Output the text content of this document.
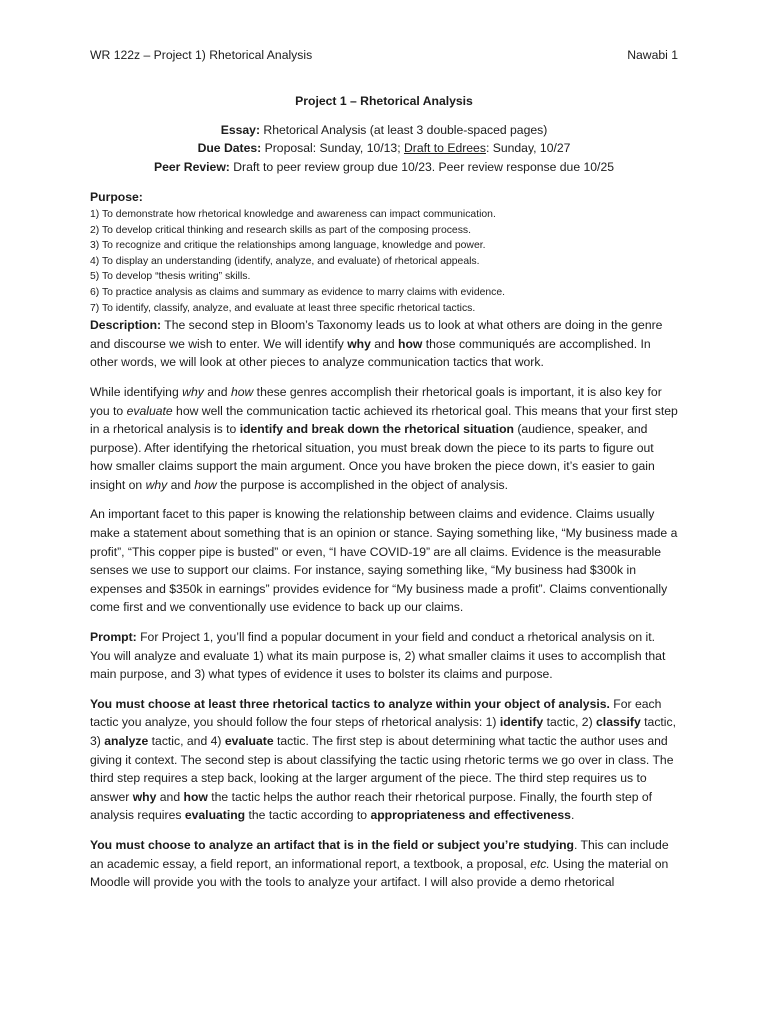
WR 122z – Project 1) Rhetorical Analysis	Nawabi 1
Project 1 – Rhetorical Analysis
Essay: Rhetorical Analysis (at least 3 double-spaced pages)
Due Dates: Proposal: Sunday, 10/13; Draft to Edrees: Sunday, 10/27
Peer Review: Draft to peer review group due 10/23. Peer review response due 10/25
Purpose:
1) To demonstrate how rhetorical knowledge and awareness can impact communication.
2) To develop critical thinking and research skills as part of the composing process.
3) To recognize and critique the relationships among language, knowledge and power.
4) To display an understanding (identify, analyze, and evaluate) of rhetorical appeals.
5) To develop “thesis writing” skills.
6) To practice analysis as claims and summary as evidence to marry claims with evidence.
7) To identify, classify, analyze, and evaluate at least three specific rhetorical tactics.

Description: The second step in Bloom’s Taxonomy leads us to look at what others are doing in the genre and discourse we wish to enter. We will identify why and how those communiqués are accomplished. In other words, we will look at other pieces to analyze communication tactics that work.

While identifying why and how these genres accomplish their rhetorical goals is important, it is also key for you to evaluate how well the communication tactic achieved its rhetorical goal. This means that your first step in a rhetorical analysis is to identify and break down the rhetorical situation (audience, speaker, and purpose). After identifying the rhetorical situation, you must break down the piece to its parts to figure out how smaller claims support the main argument. Once you have broken the piece down, it’s easier to gain insight on why and how the purpose is accomplished in the object of analysis.

An important facet to this paper is knowing the relationship between claims and evidence. Claims usually make a statement about something that is an opinion or stance. Saying something like, “My business made a profit”, “This copper pipe is busted” or even, “I have COVID-19” are all claims. Evidence is the measurable senses we use to support our claims. For instance, saying something like, “My business had $300k in expenses and $350k in earnings” provides evidence for “My business made a profit”. Claims conventionally come first and we conventionally use evidence to back up our claims.

Prompt: For Project 1, you’ll find a popular document in your field and conduct a rhetorical analysis on it. You will analyze and evaluate 1) what its main purpose is, 2) what smaller claims it uses to accomplish that main purpose, and 3) what types of evidence it uses to bolster its claims and purpose.

You must choose at least three rhetorical tactics to analyze within your object of analysis. For each tactic you analyze, you should follow the four steps of rhetorical analysis: 1) identify tactic, 2) classify tactic, 3) analyze tactic, and 4) evaluate tactic. The first step is about determining what tactic the author uses and giving it context. The second step is about classifying the tactic using rhetoric terms we go over in class. The third step requires a step back, looking at the larger argument of the piece. The third step requires us to answer why and how the tactic helps the author reach their rhetorical purpose. Finally, the fourth step of analysis requires evaluating the tactic according to appropriateness and effectiveness.

You must choose to analyze an artifact that is in the field or subject you’re studying. This can include an academic essay, a field report, an informational report, a textbook, a proposal, etc. Using the material on Moodle will provide you with the tools to analyze your artifact. I will also provide a demo rhetorical
